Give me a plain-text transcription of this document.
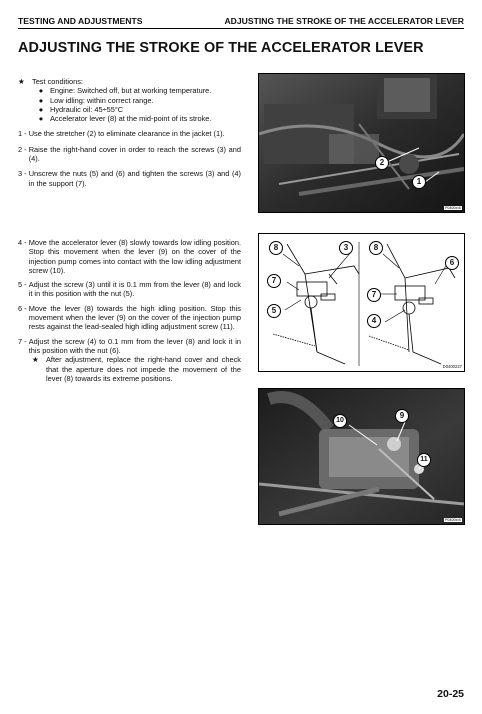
TESTING AND ADJUSTMENTS	ADJUSTING THE STROKE OF THE ACCELERATOR LEVER
ADJUSTING THE STROKE OF THE ACCELERATOR LEVER
★ Test conditions:
● Engine: Switched off, but at working temperature.
● Low idling: within correct range.
● Hydraulic oil: 45÷55°C
● Accelerator lever (8) at the mid-point of its stroke.
1 - Use the stretcher (2) to eliminate clearance in the jacket (1).
2 - Raise the right-hand cover in order to reach the screws (3) and (4).
3 - Unscrew the nuts (5) and (6) and tighten the screws (3) and (4) in the support (7).
4 - Move the accelerator lever (8) slowly towards low idling position. Stop this movement when the lever (9) on the cover of the injection pump comes into contact with the low idling adjustment screw (10).
5 - Adjust the screw (3) until it is 0.1 mm from the lever (8) and lock it in this position with the nut (5).
6 - Move the lever (8) towards the high idling position. Stop this movement when the lever (9) on the cover of the injection pump rests against the lead-sealed high idling adjustment screw (11).
7 - Adjust the screw (4) to 0.1 mm from the lever (8) and lock it in this position with the nut (6).
★ After adjustment, replace the right-hand cover and check that the aperture does not impede the movement of the lever (8) towards its extreme positions.
2
1
P0400xx0
8	3
7
5
8
6
7
4
D0400227
10
9
11
P0400xx0
20-25
